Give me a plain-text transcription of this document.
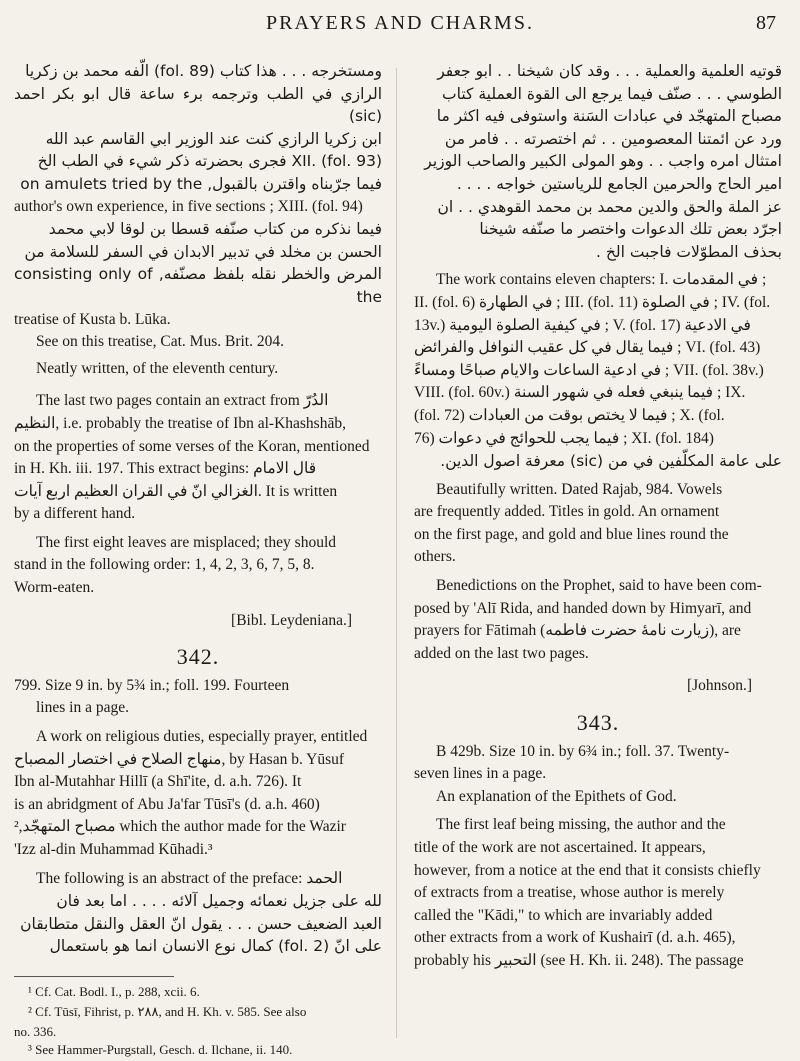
PRAYERS AND CHARMS.	87
ومستخرجه . . . هذا كتاب (fol. 89) الّفه محمد بن زكريا
الرازي في الطب وترجمه برء ساعة قال ابو بكر احمد (sic)
ابن زكريا الرازي كنت عند الوزير ابي القاسم عبد الله
XII. (fol. 93) فجرى بحضرته ذكر شيء في الطب الخ
فيما جرّبناه واقترن بالقبول, on amulets tried by the
author's own experience, in five sections ; XIII. (fol. 94)
فيما نذكره من كتاب صنّفه قسطا بن لوقا لابي محمد
الحسن بن مخلد في تدبير الابدان في السفر للسلامة من
المرض والخطر نقله بلفظ مصنّفه, consisting only of the
treatise of Kusta b. Lūka.

See on this treatise, Cat. Mus. Brit. 204.

Neatly written, of the eleventh century.

The last two pages contain an extract from الدُرّ
النظيم, i.e. probably the treatise of Ibn al-Khashshāb,
on the properties of some verses of the Koran, mentioned
in H. Kh. iii. 197. This extract begins: قال الامام
الغزالي انّ في القران العظيم اربع آيات. It is written
by a different hand.
The first eight leaves are misplaced; they should
stand in the following order: 1, 4, 2, 3, 6, 7, 5, 8.
Worm-eaten.
[Bibl. Leydeniana.]
342.
799. Size 9 in. by 5¾ in.; foll. 199. Fourteen
lines in a page.
A work on religious duties, especially prayer, entitled
منهاج الصلاح في اختصار المصباح, by Hasan b. Yūsuf
Ibn al-Mutahhar Hillī (a Shī'ite, d. a.h. 726). It
is an abridgment of Abu Ja'far Tūsī's (d. a.h. 460)
مصباح المتهجّد,² which the author made for the Wazir
'Izz al-din Muhammad Kūhadi.³
The following is an abstract of the preface: الحمد
لله على جزيل نعمائه وجميل آلائه . . . . اما بعد فان
العبد الضعيف حسن . . . يقول انّ العقل والنقل متطابقان
على انّ (fol. 2) كمال نوع الانسان انما هو باستعمال
¹ Cf. Cat. Bodl. I., p. 288, xcii. 6.
² Cf. Tūsī, Fihrist, p. ٢٨٨, and H. Kh. v. 585. See also
no. 336.
³ See Hammer-Purgstall, Gesch. d. Ilchane, ii. 140.
قوتيه العلمية والعملية . . . وقد كان شيخنا . . ابو جعفر
الطوسي . . . صنّف فيما يرجع الى القوة العملية كتاب
مصباح المتهجّد في عبادات السَنة واستوفى فيه اكثر ما
ورد عن ائمتنا المعصومين . . ثم اختصرته . . فامر من
امتثال امره واجب . . وهو المولى الكبير والصاحب الوزير
امير الحاج والحرمين الجامع للرياستين خواجه . . . .
عز الملة والحق والدين محمد بن محمد القوهدي . . ان
اجرّد بعض تلك الدعوات واختصر ما صنّفه شيخنا
بحذف المطوّلات فاجبت الخ .
The work contains eleven chapters: I. في المقدمات ;
II. (fol. 6) في الطهارة ; III. (fol. 11) في الصلوة ; IV. (fol.
13v.) في كيفية الصلوة اليومية ; V. (fol. 17) في الادعية
فيما يقال في كل عقيب النوافل والفرائض ; VI. (fol. 43)
في ادعية الساعات والايام صباحًا ومساءً ; VII. (fol. 38v.)
VIII. (fol. 60v.) فيما ينبغي فعله في شهور السنة ; IX.
(fol. 72) فيما لا يختص بوقت من العبادات ; X. (fol.
76) فيما يجب للحوائج في دعوات ; XI. (fol. 184)
على عامة المكلّفين في من (sic) معرفة اصول الدين.
Beautifully written. Dated Rajab, 984. Vowels
are frequently added. Titles in gold. An ornament
on the first page, and gold and blue lines round the
others.
Benedictions on the Prophet, said to have been com-
posed by 'Alī Rida, and handed down by Himyarī, and
prayers for Fātimah (زيارت نامهٔ حضرت فاطمه), are
added on the last two pages.
[Johnson.]
343.
B 429b. Size 10 in. by 6¾ in.; foll. 37. Twenty-
seven lines in a page.
An explanation of the Epithets of God.
The first leaf being missing, the author and the
title of the work are not ascertained. It appears,
however, from a notice at the end that it consists chiefly
of extracts from a treatise, whose author is merely
called the "Kādi," to which are invariably added
other extracts from a work of Kushairī (d. a.h. 465),
probably his التحبير (see H. Kh. ii. 248). The passage
